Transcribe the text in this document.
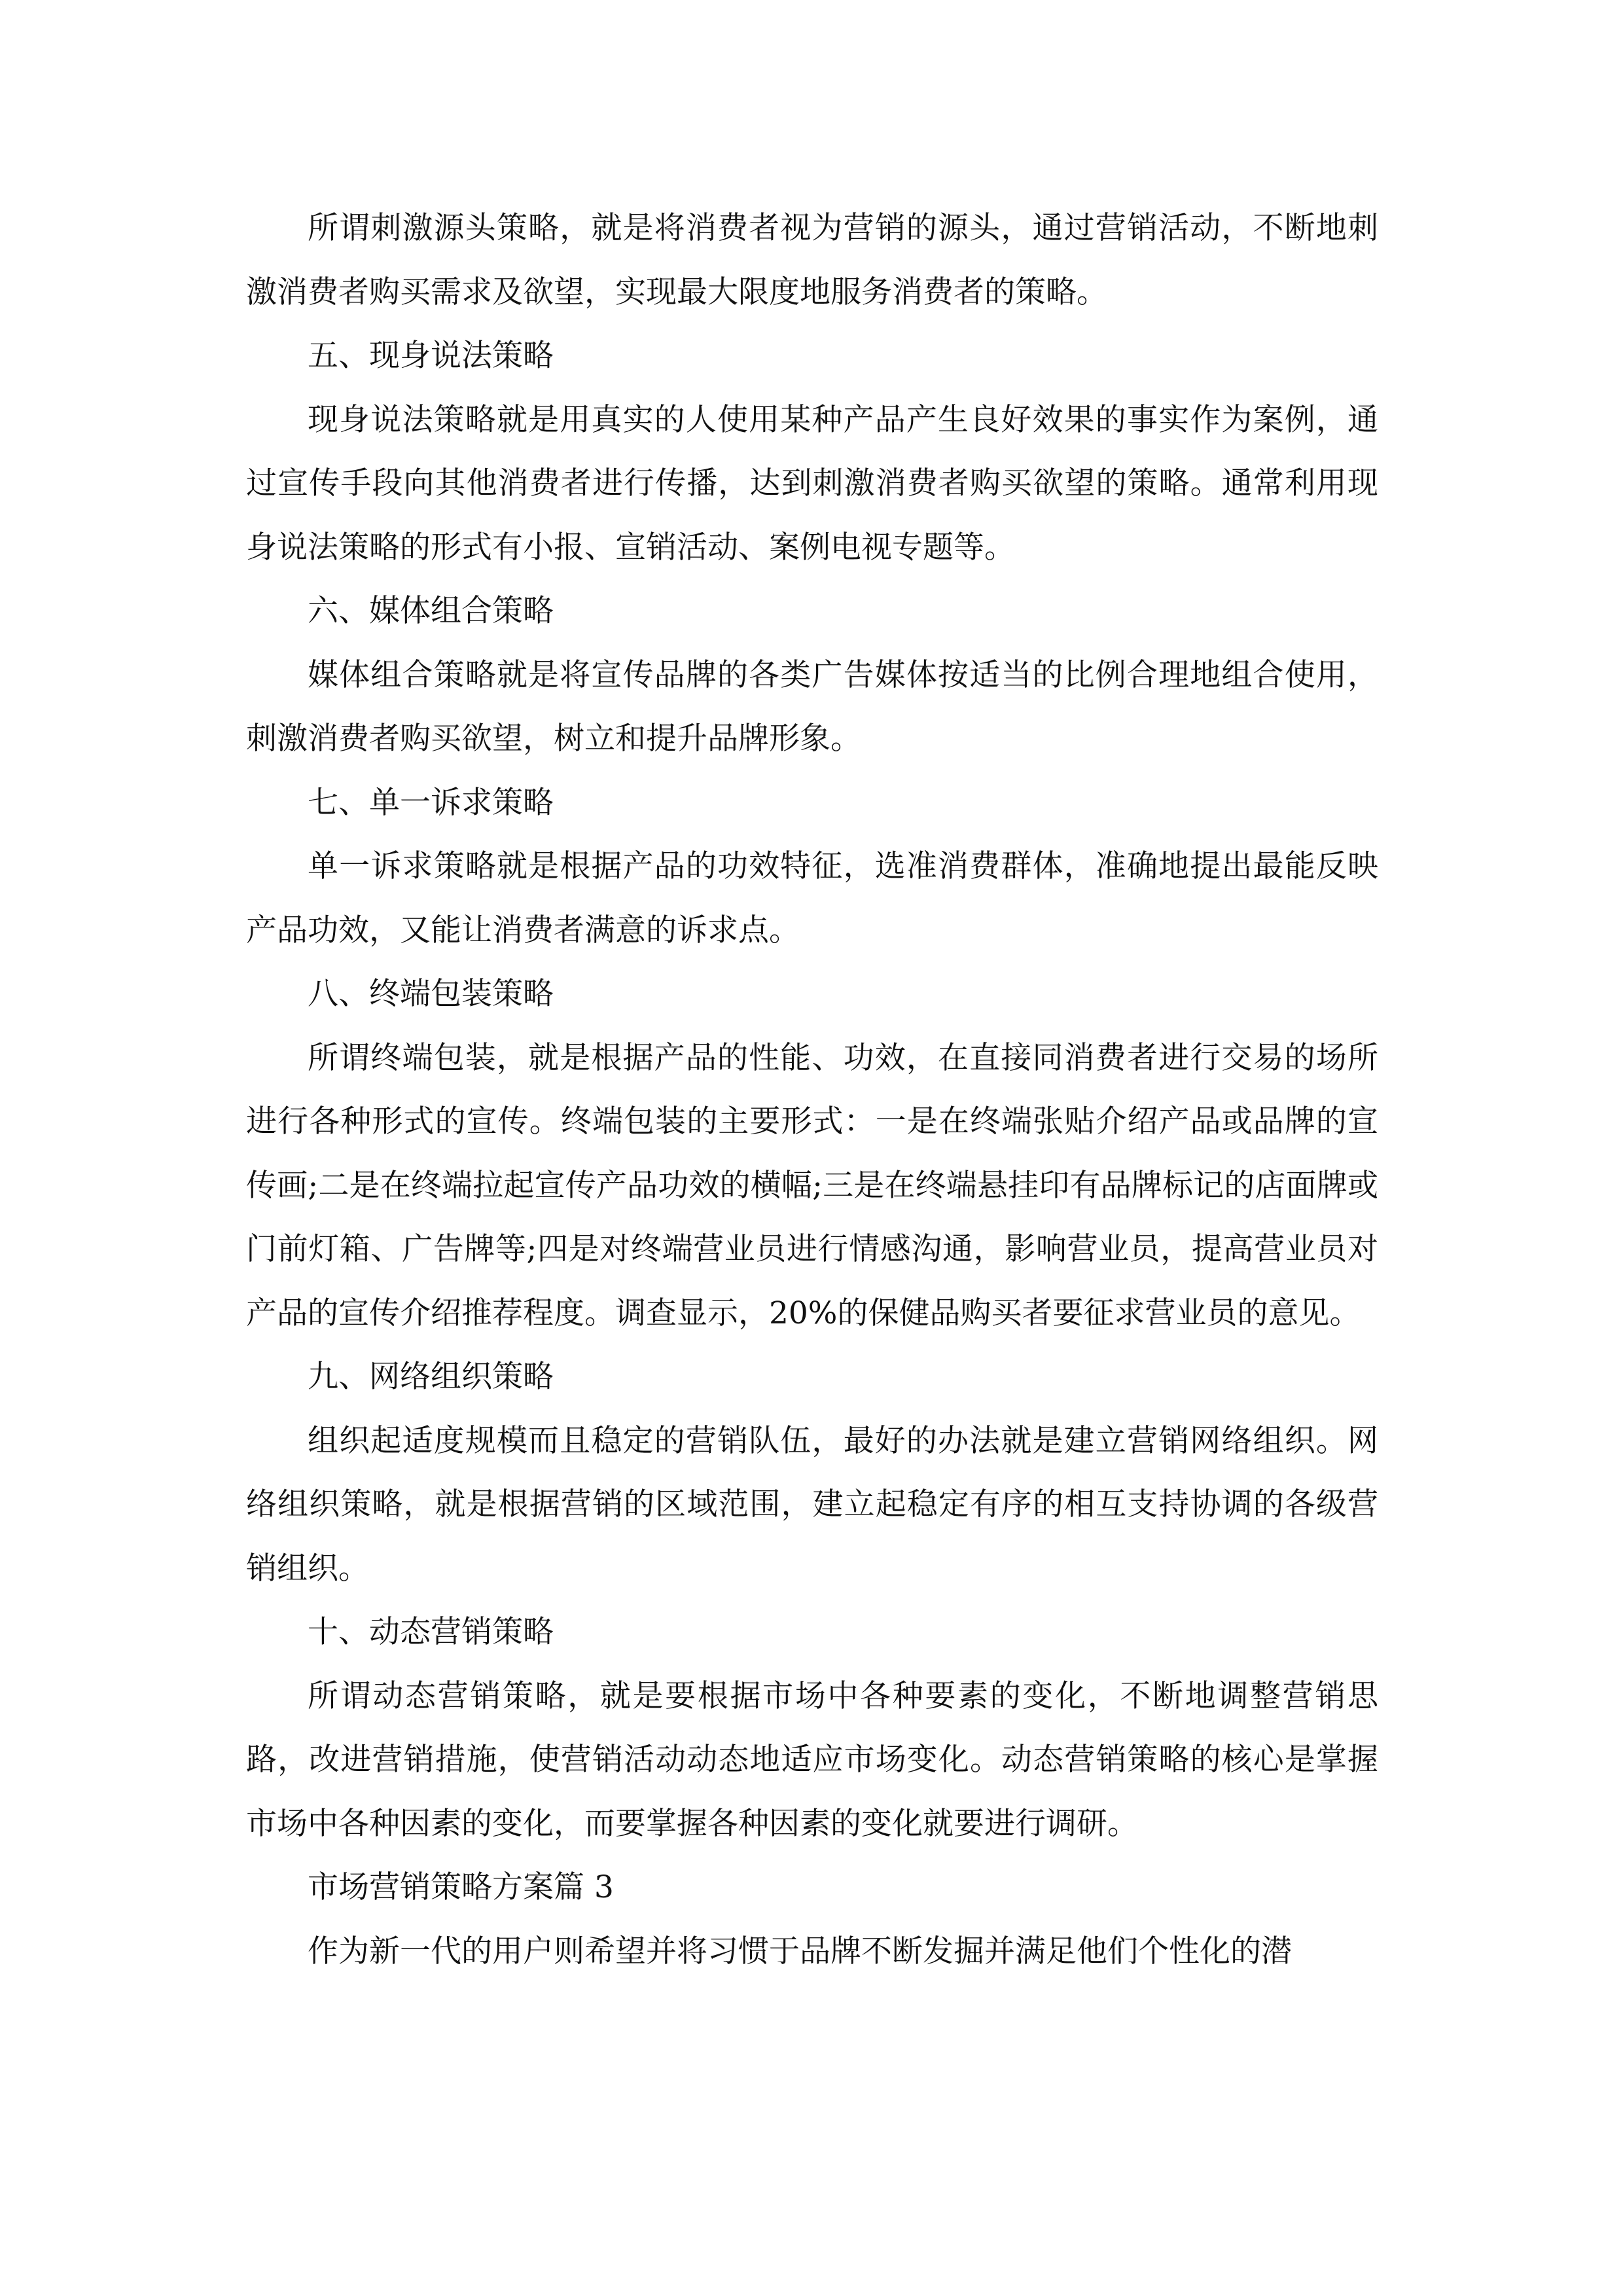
所谓刺激源头策略，就是将消费者视为营销的源头，通过营销活动，不断地刺激消费者购买需求及欲望，实现最大限度地服务消费者的策略。

五、现身说法策略

现身说法策略就是用真实的人使用某种产品产生良好效果的事实作为案例，通过宣传手段向其他消费者进行传播，达到刺激消费者购买欲望的策略。通常利用现身说法策略的形式有小报、宣销活动、案例电视专题等。

六、媒体组合策略

媒体组合策略就是将宣传品牌的各类广告媒体按适当的比例合理地组合使用，刺激消费者购买欲望，树立和提升品牌形象。

七、单一诉求策略

单一诉求策略就是根据产品的功效特征，选准消费群体，准确地提出最能反映产品功效，又能让消费者满意的诉求点。

八、终端包装策略

所谓终端包装，就是根据产品的性能、功效，在直接同消费者进行交易的场所进行各种形式的宣传。终端包装的主要形式：一是在终端张贴介绍产品或品牌的宣传画;二是在终端拉起宣传产品功效的横幅;三是在终端悬挂印有品牌标记的店面牌或门前灯箱、广告牌等;四是对终端营业员进行情感沟通，影响营业员，提高营业员对产品的宣传介绍推荐程度。调查显示，20%的保健品购买者要征求营业员的意见。

九、网络组织策略

组织起适度规模而且稳定的营销队伍，最好的办法就是建立营销网络组织。网络组织策略，就是根据营销的区域范围，建立起稳定有序的相互支持协调的各级营销组织。

十、动态营销策略

所谓动态营销策略，就是要根据市场中各种要素的变化，不断地调整营销思路，改进营销措施，使营销活动动态地适应市场变化。动态营销策略的核心是掌握市场中各种因素的变化，而要掌握各种因素的变化就要进行调研。

市场营销策略方案篇 3

作为新一代的用户则希望并将习惯于品牌不断发掘并满足他们个性化的潜
